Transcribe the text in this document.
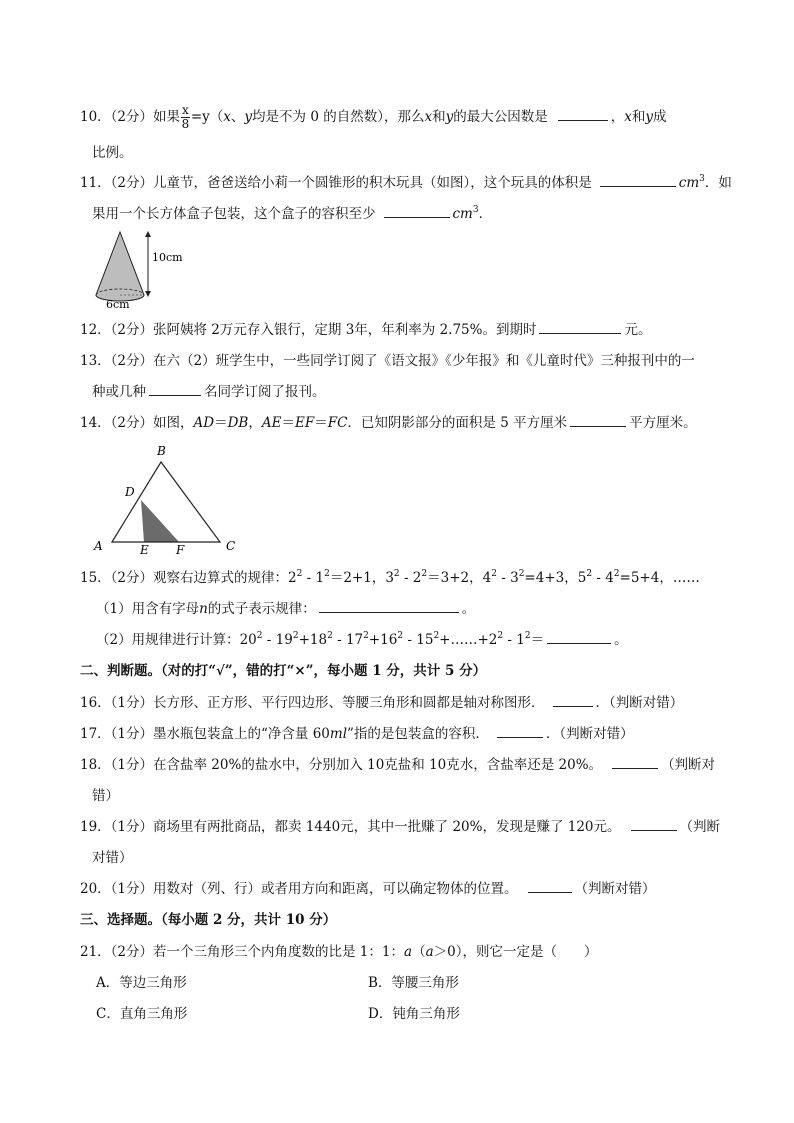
10．（2分）如果 $\frac{x}{8} =y(x$、y均是不为 0 的自然数），那么x和y的最大公因数是	，x和y成
比例。
11．（2分）儿童节，爸爸送给小莉一个圆锥形的积木玩具（如图），这个玩具的体积是	$cm^3$．如
果用一个长方体盒子包装，这个盒子的容积至少	$cm^3$．
10cm
6cm
12．（2分）张阿姨将 2万元存入银行，定期 3年，年利率为 2.75%。到期时	元。
13．（2分）在六（2）班学生中，一些同学订阅了《语文报》《少年报》和《儿童时代》三种报刊中的一
种或几种	名同学订阅了报刊。
14．（2分）如图，AD＝DB，AE＝EF＝FC．已知阴影部分的面积是 5 平方厘米	平方厘米。
B
D
A	E F	C
15．（2分）观察右边算式的规律：$2^2 - 1^2=2+1$，$3^2 - 2^2=3+2$，$4^2 - 3^2=4+3$，$5^2 - 4^2=5+4$，……
（1）用含有字母n的式子表示规律：	。
（2）用规律进行计算：$20^2 - 19^2+18^2 - 17^2+16^2$ - $15^2+\dots\dots+2^2 - 1^2=$	。
二、判断题。（对的打“√”，错的打“×”，每小题 1 分，共计 5 分）
16．（1分）长方形、正方形、平行四边形、等腰三角形和圆都是轴对称图形．	．（判断对错）
17．（1分）墨水瓶包装盒上的“净含量 60ml”指的是包装盒的容积．	．（判断对错）
18．（1分）在含盐率 20%的盐水中，分别加入 10克盐和 10克水，含盐率还是 20%。	（判断对
错）
19．（1分）商场里有两批商品，都卖 1440元，其中一批赚了 20%，发现是赚了 120元。	（判断
对错）
20．（1分）用数对（列、行）或者用方向和距离，可以确定物体的位置。	（判断对错）
三、选择题。（每小题 2 分，共计 10 分）
21．（2分）若一个三角形三个内角度数的比是 1：1：a（a＞0），则它一定是（　　）
A．等边三角形	B．等腰三角形
C．直角三角形	D．钝角三角形
